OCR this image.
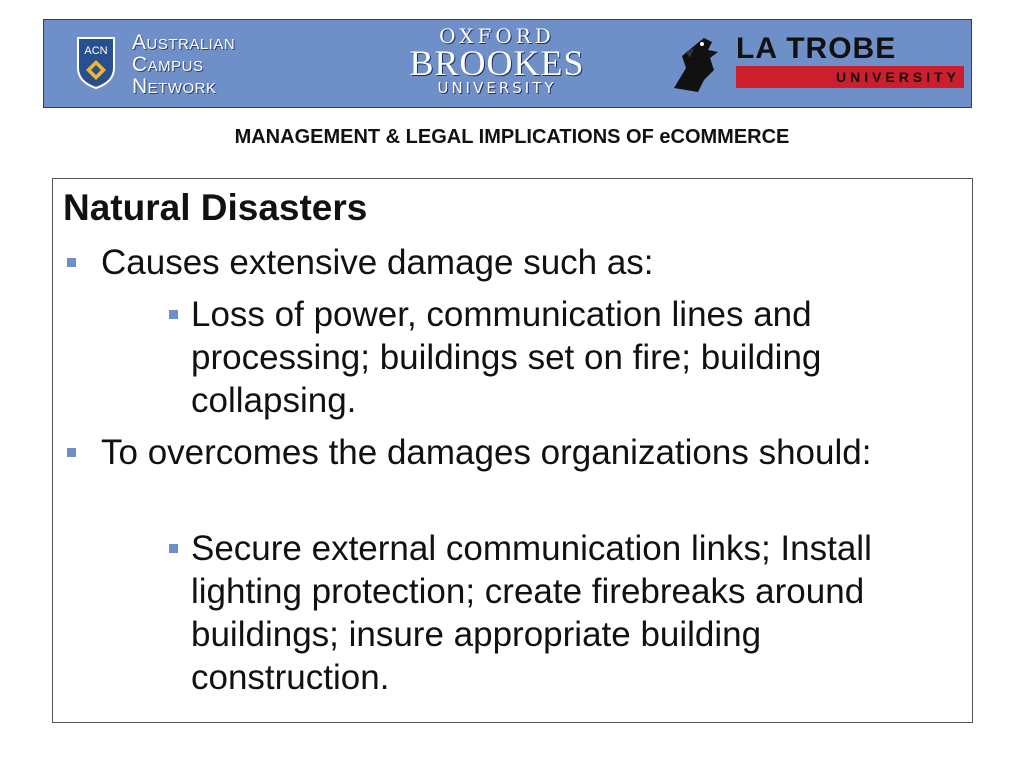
ACN Australian
Campus
Network
OXFORD
BROOKES
UNIVERSITY
LA TROBE
UNIVERSITY
MANAGEMENT & LEGAL IMPLICATIONS OF eCOMMERCE
Natural Disasters
Causes extensive damage such as:
Loss of power, communication lines and processing; buildings set on fire; building collapsing.
To overcomes the damages organizations should:
Secure external communication links; Install lighting protection; create firebreaks around buildings; insure appropriate building construction.
